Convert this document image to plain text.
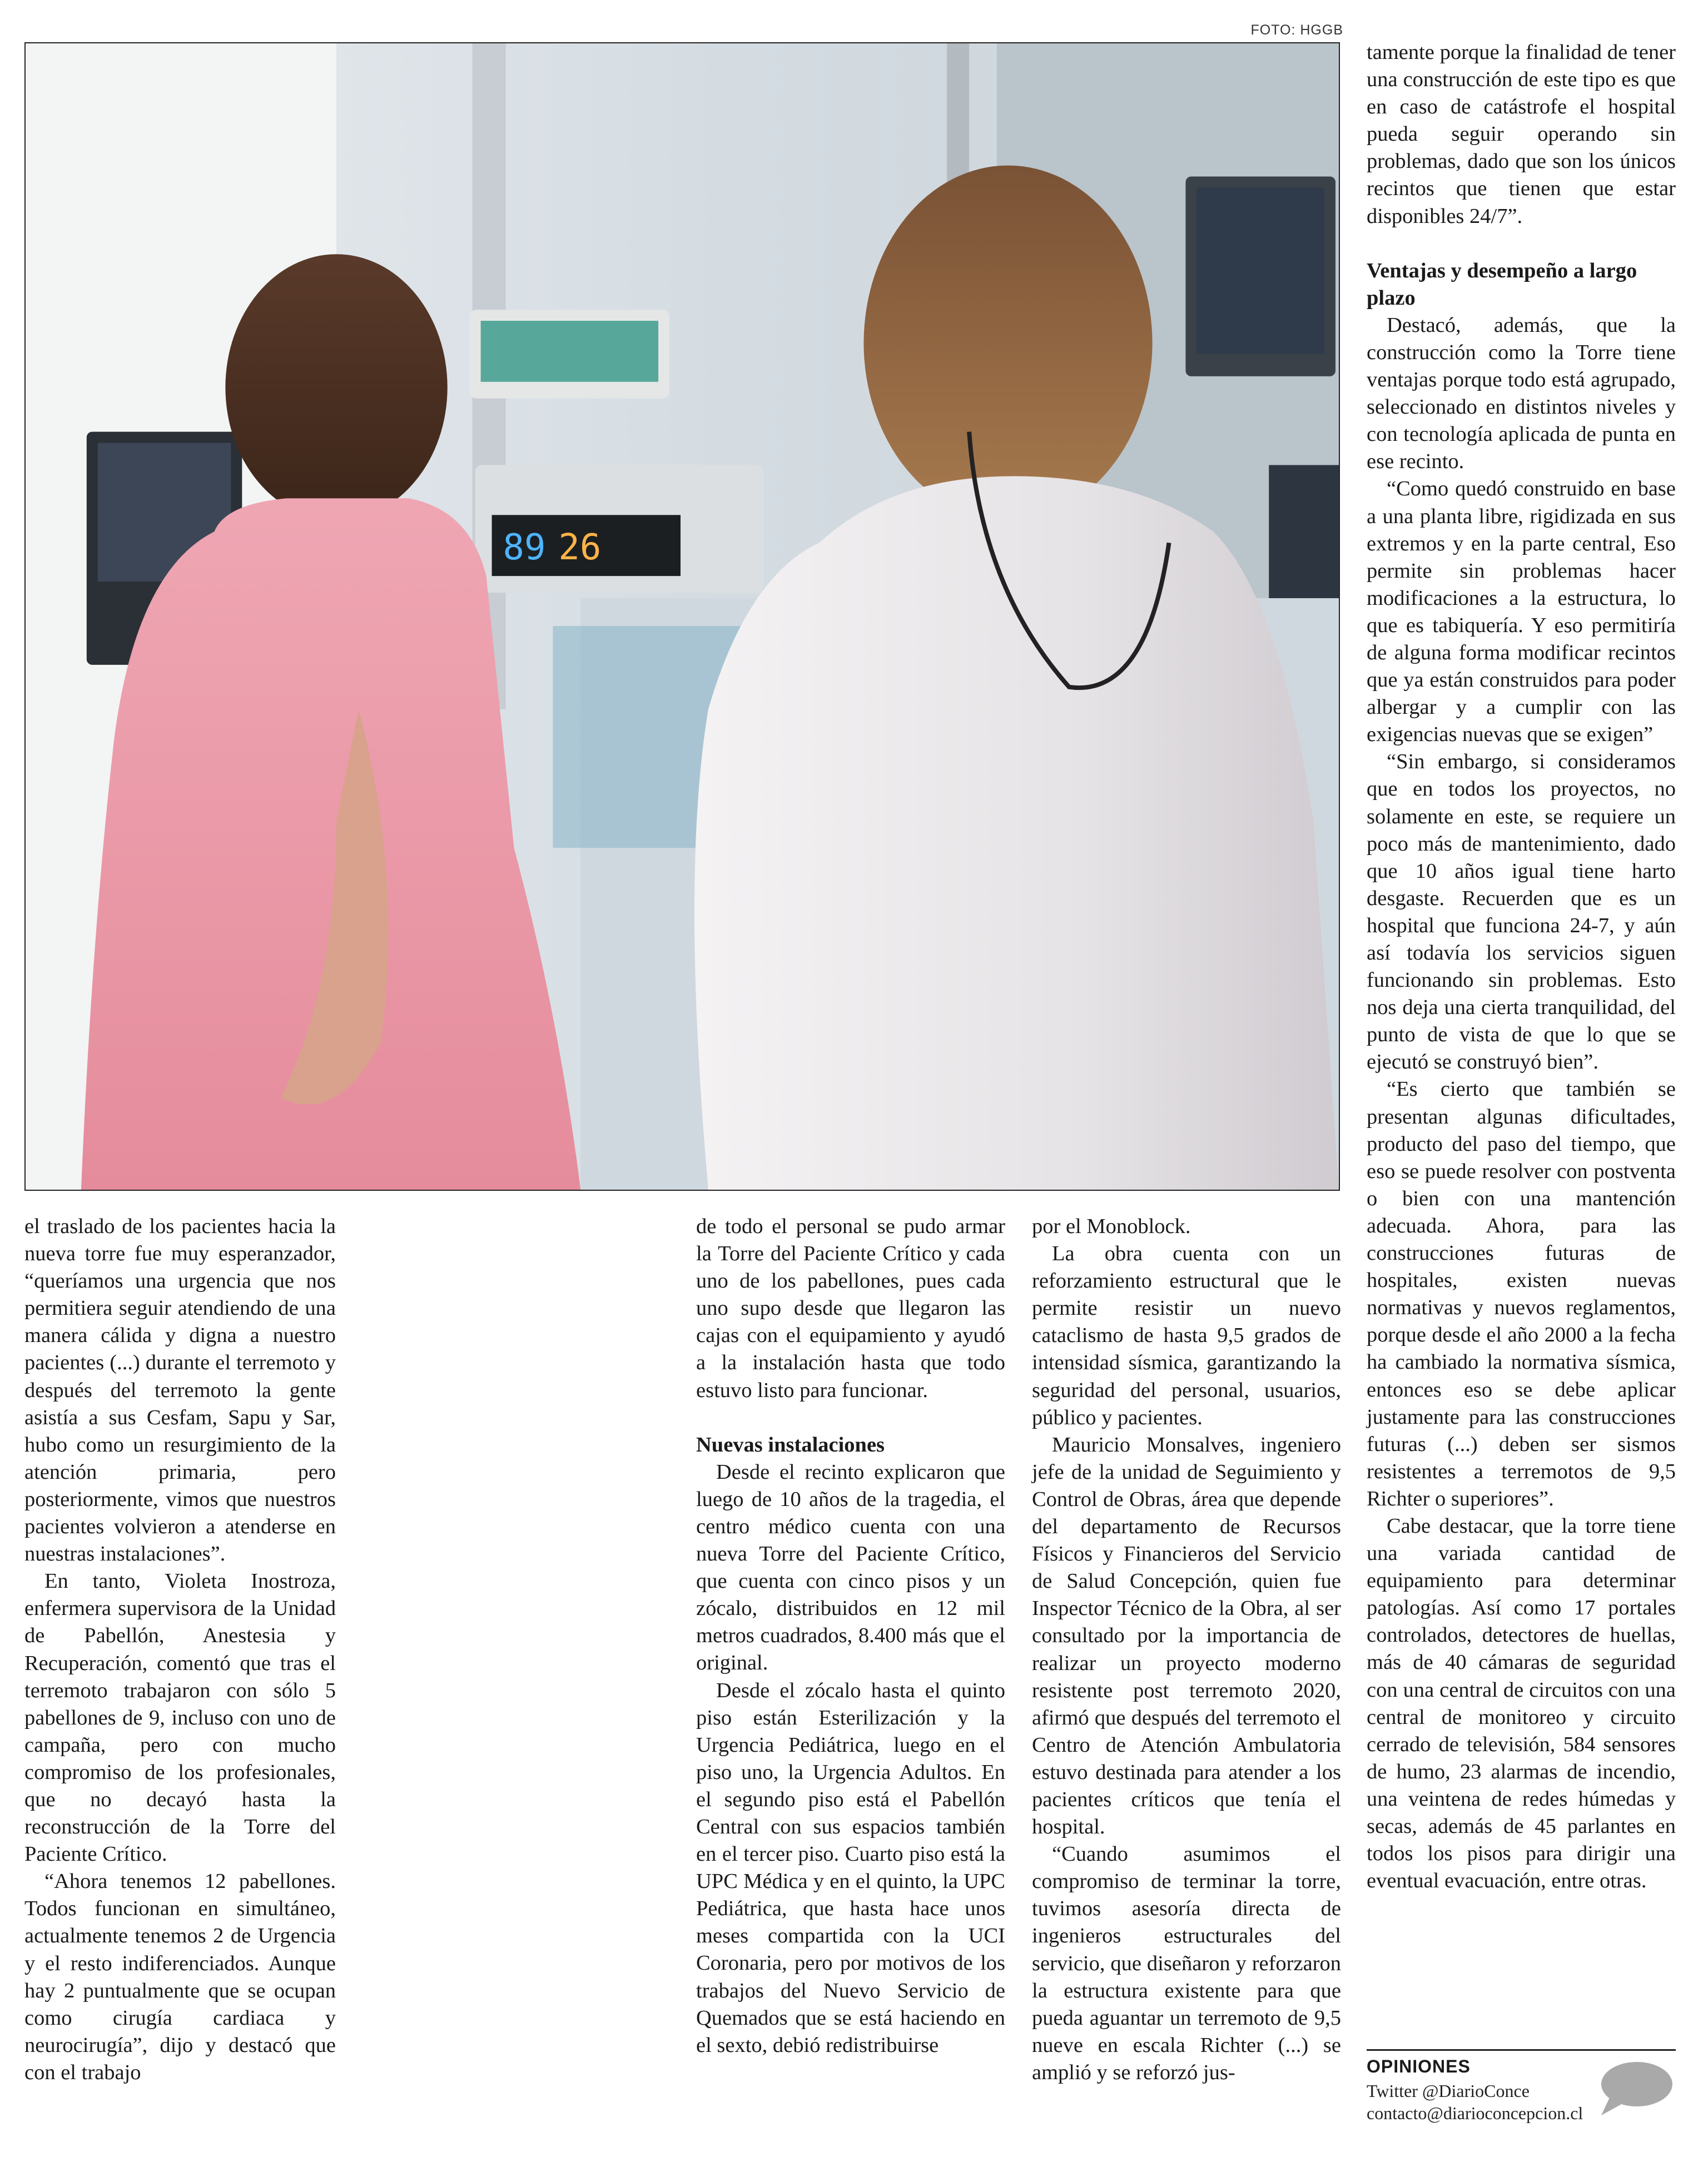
FOTO: HGGB
89 26

el traslado de los pacientes hacia la nueva torre fue muy esperanzador, “queríamos una urgencia que nos permitiera seguir atendiendo de una manera cálida y digna a nuestro pacientes (...) durante el terremoto y después del terremoto la gente asistía a sus Cesfam, Sapu y Sar, hubo como un resurgimiento de la atención primaria, pero posteriormente, vimos que nuestros pacientes volvieron a atenderse en nuestras instalaciones”.

En tanto, Violeta Inostroza, enfermera supervisora de la Unidad de Pabellón, Anestesia y Recuperación, comentó que tras el terremoto trabajaron con sólo 5 pabellones de 9, incluso con uno de campaña, pero con mucho compromiso de los profesionales, que no decayó hasta la reconstrucción de la Torre del Paciente Crítico.

“Ahora tenemos 12 pabellones. Todos funcionan en simultáneo, actualmente tenemos 2 de Urgencia y el resto indiferenciados. Aunque hay 2 puntualmente que se ocupan como cirugía cardiaca y neurocirugía”, dijo y destacó que con el trabajo

de todo el personal se pudo armar la Torre del Paciente Crítico y cada uno de los pabellones, pues cada uno supo desde que llegaron las cajas con el equipamiento y ayudó a la instalación hasta que todo estuvo listo para funcionar.

Nuevas instalaciones

Desde el recinto explicaron que luego de 10 años de la tragedia, el centro médico cuenta con una nueva Torre del Paciente Crítico, que cuenta con cinco pisos y un zócalo, distribuidos en 12 mil metros cuadrados, 8.400 más que el original.

Desde el zócalo hasta el quinto piso están Esterilización y la Urgencia Pediátrica, luego en el piso uno, la Urgencia Adultos. En el segundo piso está el Pabellón Central con sus espacios también en el tercer piso. Cuarto piso está la UPC Médica y en el quinto, la UPC Pediátrica, que hasta hace unos meses compartida con la UCI Coronaria, pero por motivos de los trabajos del Nuevo Servicio de Quemados que se está haciendo en el sexto, debió redistribuirse

por el Monoblock.

La obra cuenta con un reforzamiento estructural que le permite resistir un nuevo cataclismo de hasta 9,5 grados de intensidad sísmica, garantizando la seguridad del personal, usuarios, público y pacientes.

Mauricio Monsalves, ingeniero jefe de la unidad de Seguimiento y Control de Obras, área que depende del departamento de Recursos Físicos y Financieros del Servicio de Salud Concepción, quien fue Inspector Técnico de la Obra, al ser consultado por la importancia de realizar un proyecto moderno resistente post terremoto 2020, afirmó que después del terremoto el Centro de Atención Ambulatoria estuvo destinada para atender a los pacientes críticos que tenía el hospital.

“Cuando asumimos el compromiso de terminar la torre, tuvimos asesoría directa de ingenieros estructurales del servicio, que diseñaron y reforzaron la estructura existente para que pueda aguantar un terremoto de 9,5 nueve en escala Richter (...) se amplió y se reforzó jus-

tamente porque la finalidad de tener una construcción de este tipo es que en caso de catástrofe el hospital pueda seguir operando sin problemas, dado que son los únicos recintos que tienen que estar disponibles 24/7”.

Ventajas y desempeño a largo plazo

Destacó, además, que la construcción como la Torre tiene ventajas porque todo está agrupado, seleccionado en distintos niveles y con tecnología aplicada de punta en ese recinto.

“Como quedó construido en base a una planta libre, rigidizada en sus extremos y en la parte central, Eso permite sin problemas hacer modificaciones a la estructura, lo que es tabiquería. Y eso permitiría de alguna forma modificar recintos que ya están construidos para poder albergar y a cumplir con las exigencias nuevas que se exigen”

“Sin embargo, si consideramos que en todos los proyectos, no solamente en este, se requiere un poco más de mantenimiento, dado que 10 años igual tiene harto desgaste. Recuerden que es un hospital que funciona 24-7, y aún así todavía los servicios siguen funcionando sin problemas. Esto nos deja una cierta tranquilidad, del punto de vista de que lo que se ejecutó se construyó bien”.

“Es cierto que también se presentan algunas dificultades, producto del paso del tiempo, que eso se puede resolver con postventa o bien con una mantención adecuada. Ahora, para las construcciones futuras de hospitales, existen nuevas normativas y nuevos reglamentos, porque desde el año 2000 a la fecha ha cambiado la normativa sísmica, entonces eso se debe aplicar justamente para las construcciones futuras (...) deben ser sismos resistentes a terremotos de 9,5 Richter o superiores”.

Cabe destacar, que la torre tiene una variada cantidad de equipamiento para determinar patologías. Así como 17 portales controlados, detectores de huellas, más de 40 cámaras de seguridad con una central de circuitos con una central de monitoreo y circuito cerrado de televisión, 584 sensores de humo, 23 alarmas de incendio, una veintena de redes húmedas y secas, además de 45 parlantes en todos los pisos para dirigir una eventual evacuación, entre otras.

OPINIONES
Twitter @DiarioConce
contacto@diarioconcepcion.cl
